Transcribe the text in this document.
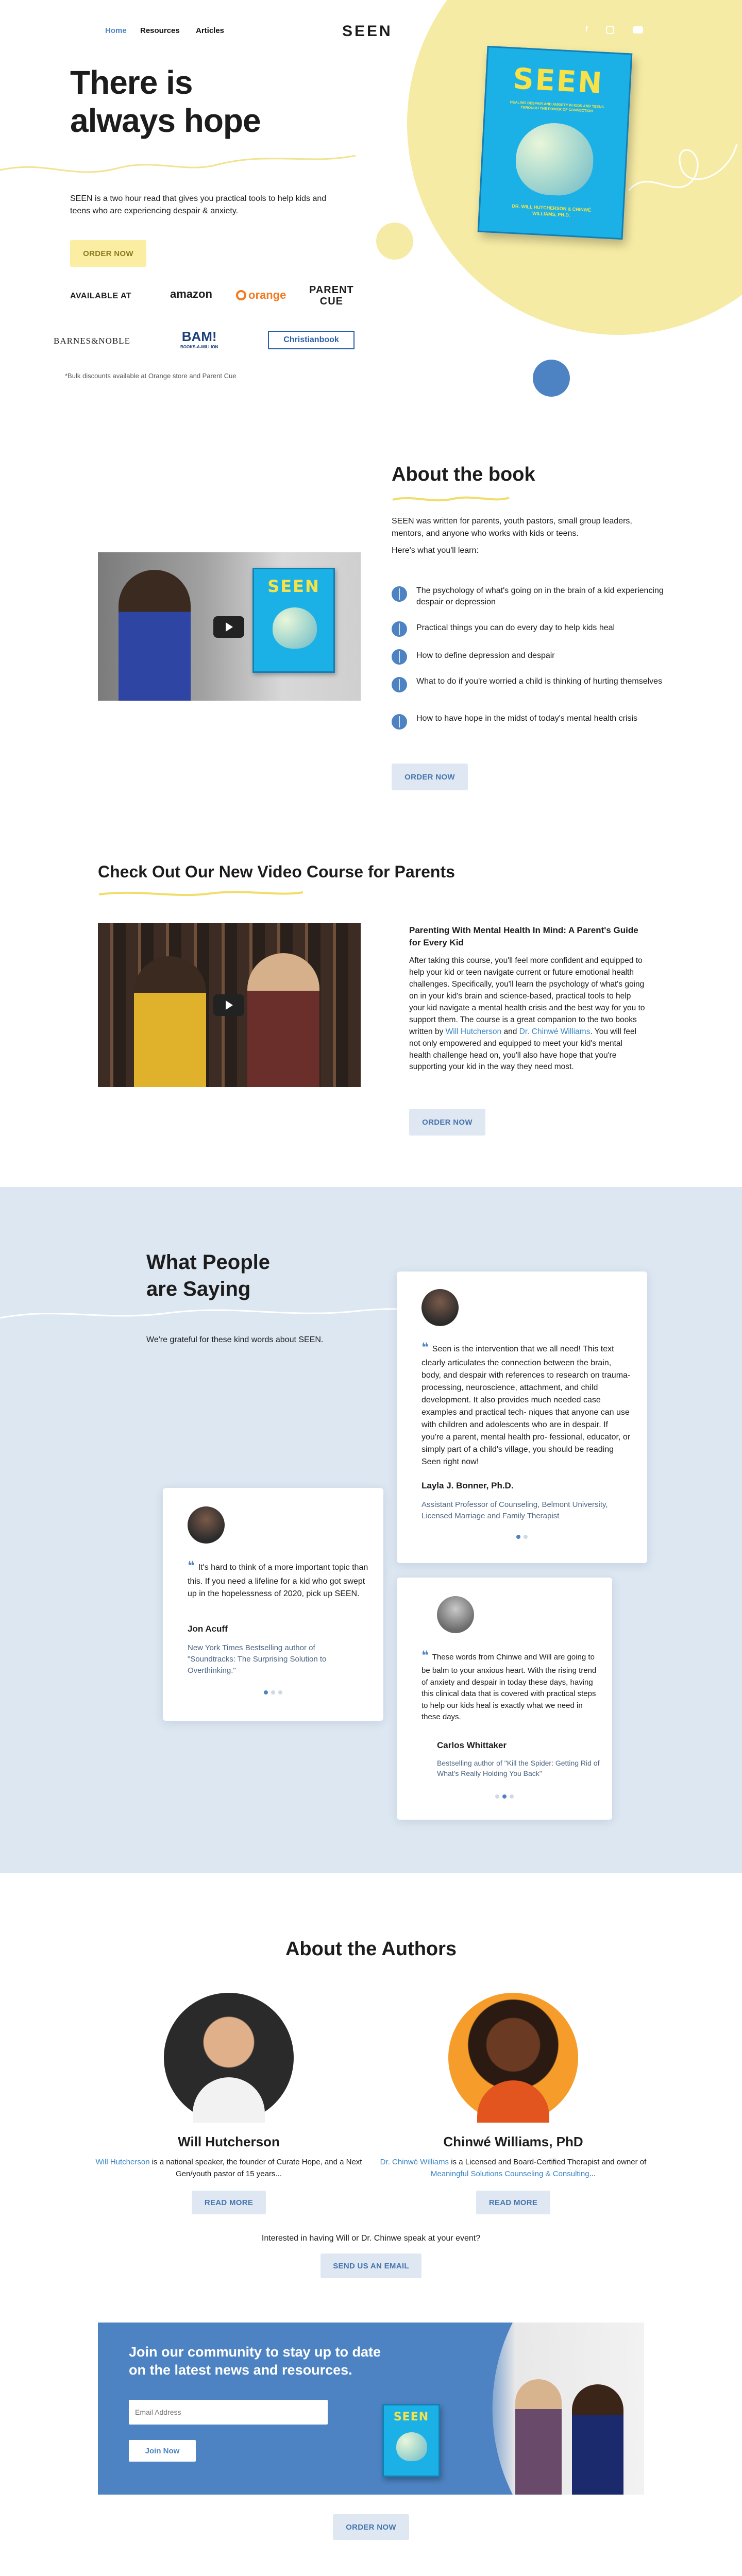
Home Resources Articles	SEEN	f
There is
always hope
SEEN is a two hour read that gives you practical tools to help kids and teens who are experiencing despair & anxiety.
ORDER NOW
AVAILABLE AT	amazon	orange PARENT
CUE
BARNES&NOBLE	BAM!
BOOKS-A-MILLION
Christianbook
*Bulk discounts available at Orange store and Parent Cue
SEEN
HEALING DESPAIR AND ANXIETY IN KIDS AND TEENS THROUGH THE POWER OF CONNECTION
DR. WILL HUTCHERSON & CHINWÉ WILLIAMS, PH.D.
SEEN
About the book
SEEN was written for parents, youth pastors, small group leaders, mentors, and anyone who works with kids or teens.
Here's what you'll learn:
The psychology of what's going on in the brain of a kid experiencing despair or depression
Practical things you can do every day to help kids heal
How to define depression and despair
What to do if you're worried a child is thinking of hurting themselves
How to have hope in the midst of today's mental health crisis
ORDER NOW
Check Out Our New Video Course for Parents
Parenting With Mental Health In Mind: A Parent's Guide for Every Kid
After taking this course, you'll feel more confident and equipped to help your kid or teen navigate current or future emotional health challenges. Specifically, you'll learn the psychology of what's going on in your kid's brain and science-based, practical tools to help your kid navigate a mental health crisis and the best way for you to support them. The course is a great companion to the two books written by Will Hutcherson and Dr. Chinwé Williams. You will feel not only empowered and equipped to meet your kid's mental health challenge head on, you'll also have hope that you're supporting your kid in the way they need most.
ORDER NOW
What People
are Saying
We're grateful for these kind words about SEEN.
❝ Seen is the intervention that we all need! This text clearly articulates the connection between the brain, body, and despair with references to research on trauma-processing, neuroscience, attachment, and child development. It also provides much needed case examples and practical tech- niques that anyone can use with children and adolescents who are in despair. If you're a parent, mental health pro- fessional, educator, or simply part of a child's village, you should be reading Seen right now!
Layla J. Bonner, Ph.D.
Assistant Professor of Counseling, Belmont University, Licensed Marriage and Family Therapist
❝ It's hard to think of a more important topic than this. If you need a lifeline for a kid who got swept up in the hopelessness of 2020, pick up SEEN.
Jon Acuff
New York Times Bestselling author of "Soundtracks: The Surprising Solution to Overthinking."
❝ These words from Chinwe and Will are going to be balm to your anxious heart. With the rising trend of anxiety and despair in today these days, having this clinical data that is covered with practical steps to help our kids heal is exactly what we need in these days.
Carlos Whittaker
Bestselling author of "Kill the Spider: Getting Rid of What's Really Holding You Back"
About the Authors
Will Hutcherson
Will Hutcherson is a national speaker, the founder of Curate Hope, and a Next Gen/youth pastor of 15 years...
READ MORE
Chinwé Williams, PhD
Dr. Chinwé Williams is a Licensed and Board-Certified Therapist and owner of Meaningful Solutions Counseling & Consulting...
READ MORE
Interested in having Will or Dr. Chinwe speak at your event?
SEND US AN EMAIL
SEEN
Join our community to stay up to date
on the latest news and resources.
Email Address
Join Now
ORDER NOW
